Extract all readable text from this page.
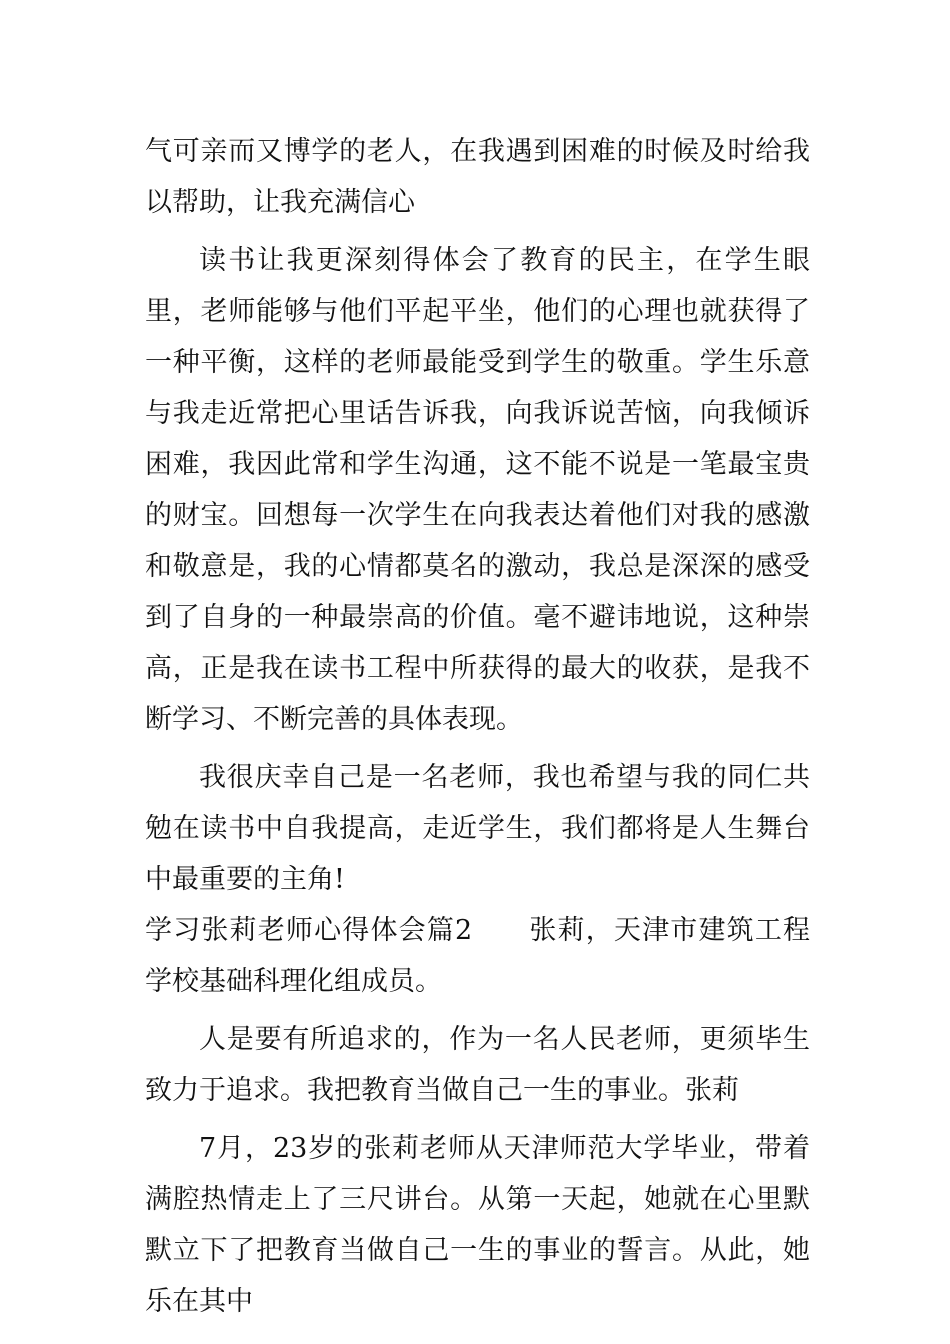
气可亲而又博学的老人，在我遇到困难的时候及时给我以帮助，让我充满信心

读书让我更深刻得体会了教育的民主，在学生眼里，老师能够与他们平起平坐，他们的心理也就获得了一种平衡，这样的老师最能受到学生的敬重。学生乐意与我走近常把心里话告诉我，向我诉说苦恼，向我倾诉困难，我因此常和学生沟通，这不能不说是一笔最宝贵的财宝。回想每一次学生在向我表达着他们对我的感激和敬意是，我的心情都莫名的激动，我总是深深的感受到了自身的一种最崇高的价值。毫不避讳地说，这种崇高，正是我在读书工程中所获得的最大的收获，是我不断学习、不断完善的具体表现。

我很庆幸自己是一名老师，我也希望与我的同仁共勉在读书中自我提高，走近学生，我们都将是人生舞台中最重要的主角!

学习张莉老师心得体会篇2 张莉，天津市建筑工程学校基础科理化组成员。

人是要有所追求的，作为一名人民老师，更须毕生致力于追求。我把教育当做自己一生的事业。张莉

7月，23岁的张莉老师从天津师范大学毕业，带着满腔热情走上了三尺讲台。从第一天起，她就在心里默默立下了把教育当做自己一生的事业的誓言。从此，她乐在其中
